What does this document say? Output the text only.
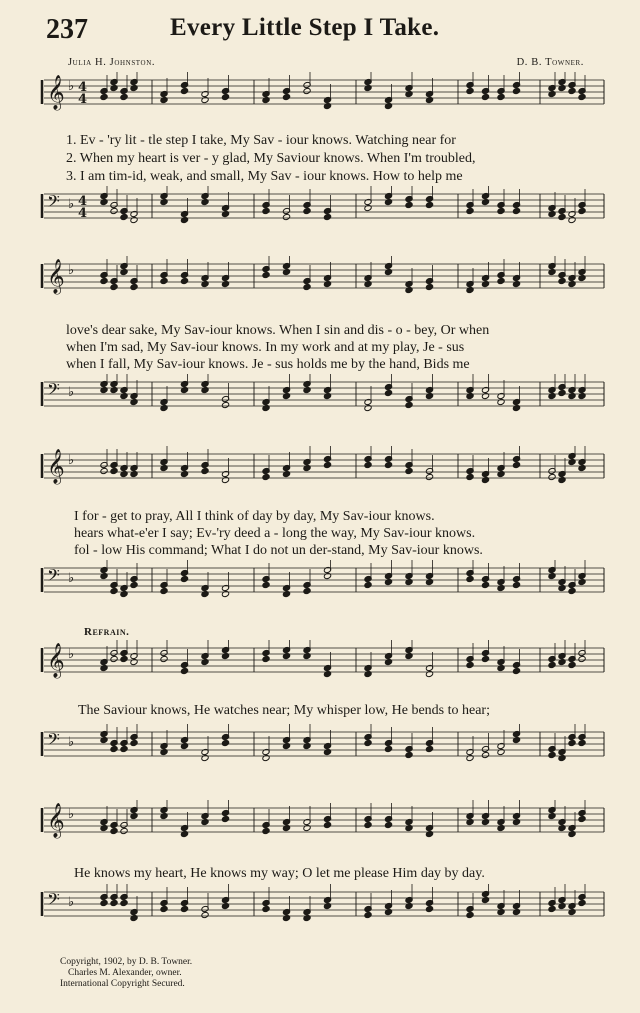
237	Every Little Step I Take.
Julia H. Johnston.	D. B. Towner.
𝄞 ♭ 4
4
1. Ev - 'ry lit - tle step I take, My Sav - iour knows. Watching near for
2. When my heart is ver - y glad, My Saviour knows. When I'm troubled,
3. I am tim-id, weak, and small, My Sav - iour knows. How to help me
𝄢 ♭ 4
4
𝄞 ♭
love's dear sake, My Sav-iour knows. When I sin and dis - o - bey, Or when
when I'm sad, My Sav-iour knows. In my work and at my play, Je - sus
when I fall, My Sav-iour knows. Je - sus holds me by the hand, Bids me
𝄢 ♭
𝄞 ♭
I for - get to pray, All I think of day by day, My Sav-iour knows.
hears what-e'er I say; Ev-'ry deed a - long the way, My Sav-iour knows.
fol - low His command; What I do not un der-stand, My Sav-iour knows.
𝄢 ♭
Refrain.
𝄞 ♭
The Saviour knows, He watches near; My whisper low, He bends to hear;
𝄢 ♭
𝄞 ♭
He knows my heart, He knows my way; O let me please Him day by day.
𝄢 ♭
Copyright, 1902, by D. B. Towner.
Charles M. Alexander, owner.
International Copyright Secured.
